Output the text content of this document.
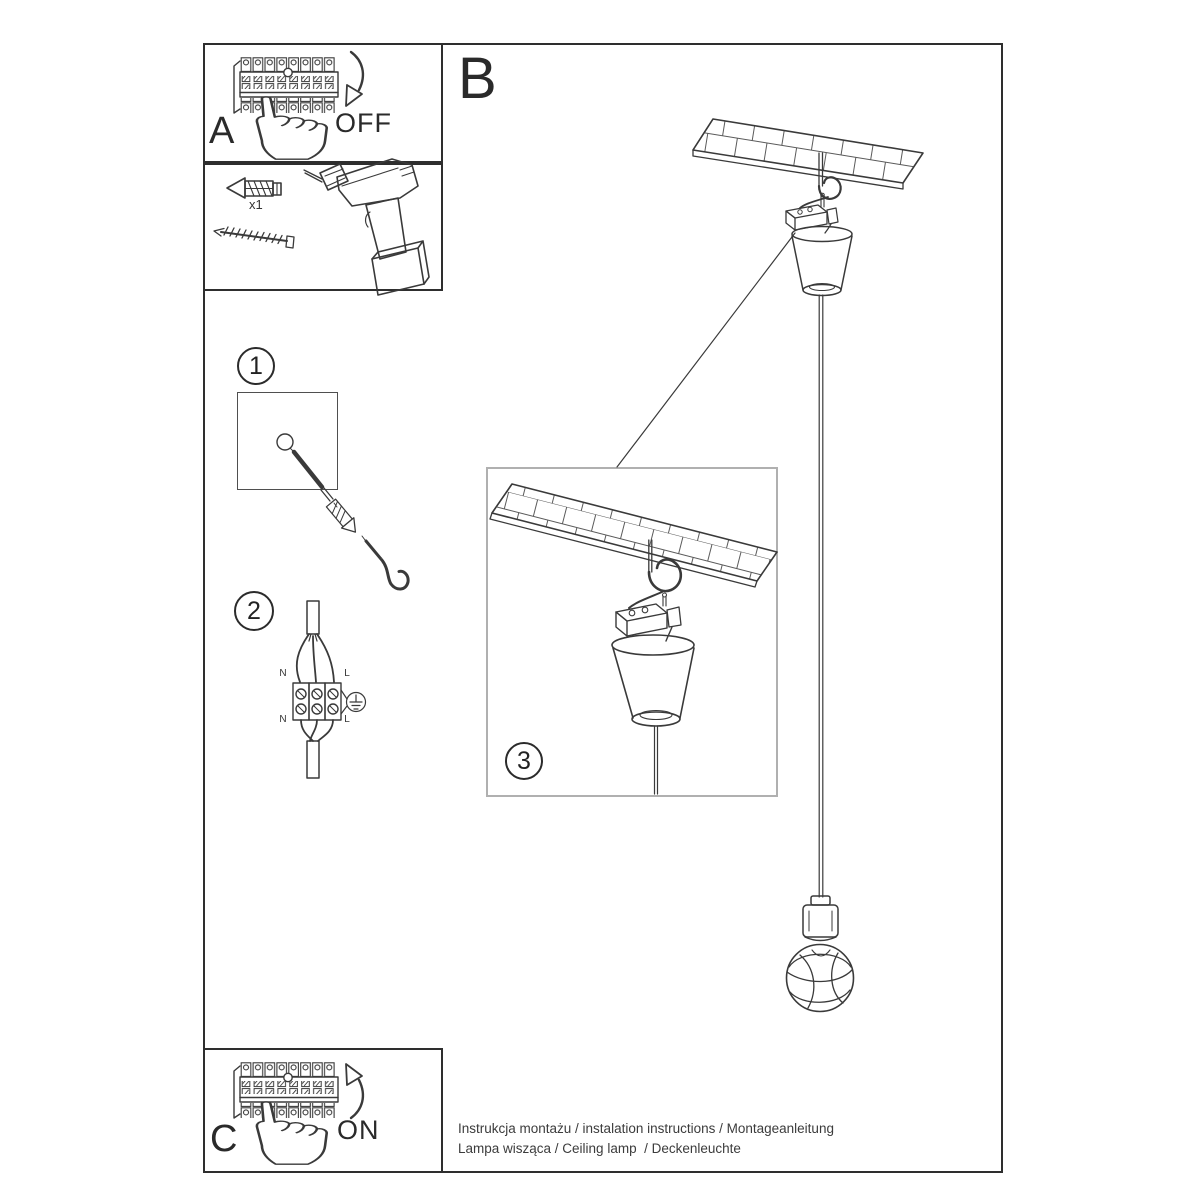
A	OFF
x1
B
C	ON
1
2
3
N	L
N	L
Instrukcja montażu / instalation instructions / Montageanleitung
Lampa wisząca / Ceiling lamp  / Deckenleuchte
